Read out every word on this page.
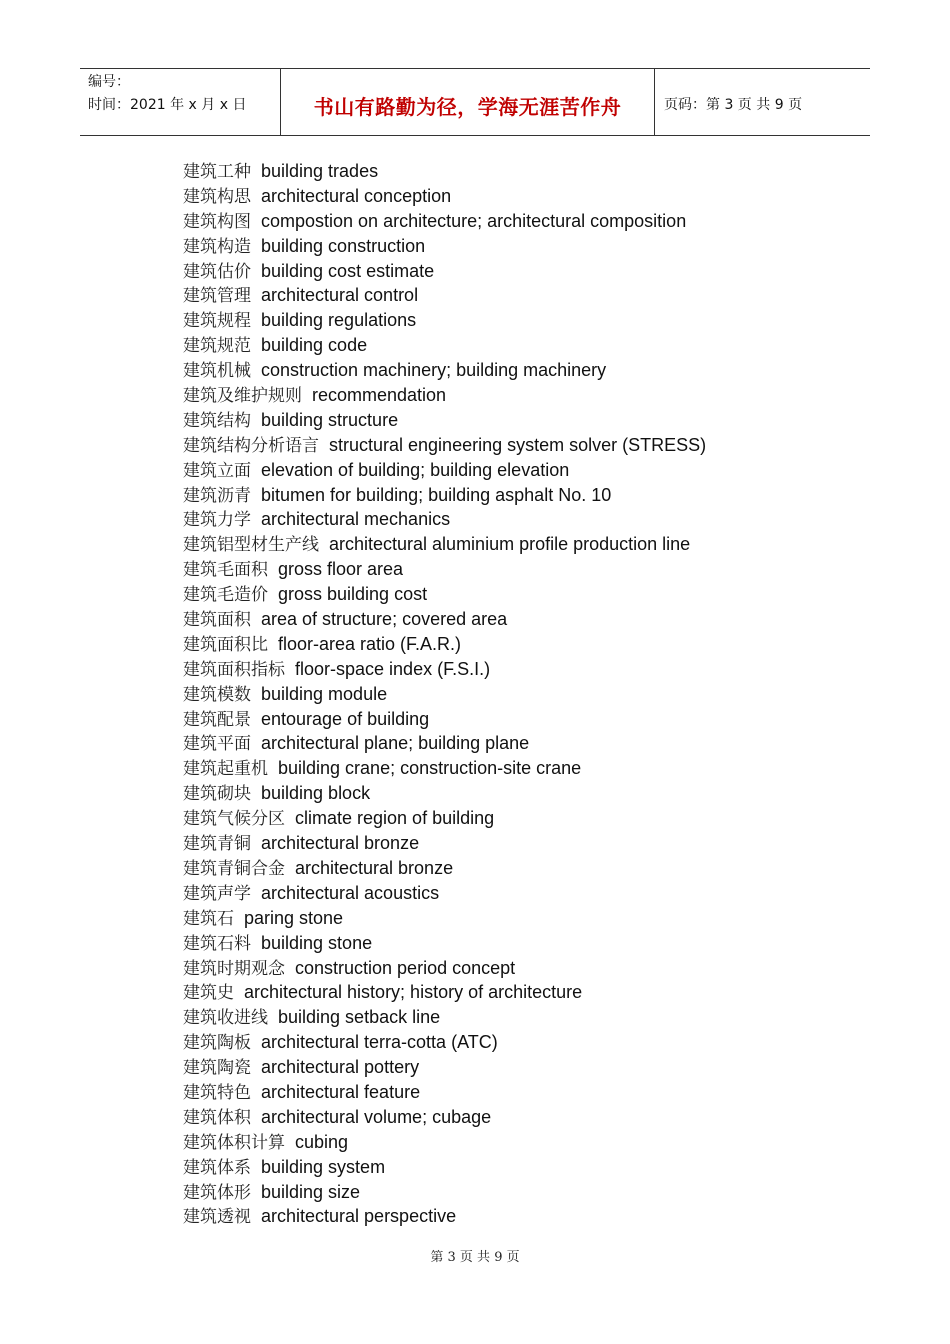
编号：
时间：2021 年 x 月 x 日	书山有路勤为径，学海无涯苦作舟	页码：第 3 页 共 9 页
建筑工种 building trades
建筑构思 architectural conception
建筑构图 compostion on architecture; architectural composition
建筑构造 building construction
建筑估价 building cost estimate
建筑管理 architectural control
建筑规程 building regulations
建筑规范 building code
建筑机械 construction machinery; building machinery
建筑及维护规则 recommendation
建筑结构 building structure
建筑结构分析语言 structural engineering system solver (STRESS)
建筑立面 elevation of building; building elevation
建筑沥青 bitumen for building; building asphalt No. 10
建筑力学 architectural mechanics
建筑铝型材生产线 architectural aluminium profile production line
建筑毛面积 gross floor area
建筑毛造价 gross building cost
建筑面积 area of structure; covered area
建筑面积比 floor-area ratio (F.A.R.)
建筑面积指标 floor-space index (F.S.I.)
建筑模数 building module
建筑配景 entourage of building
建筑平面 architectural plane; building plane
建筑起重机 building crane; construction-site crane
建筑砌块 building block
建筑气候分区 climate region of building
建筑青铜 architectural bronze
建筑青铜合金 architectural bronze
建筑声学 architectural acoustics
建筑石 paring stone
建筑石料 building stone
建筑时期观念 construction period concept
建筑史 architectural history; history of architecture
建筑收进线 building setback line
建筑陶板 architectural terra-cotta (ATC)
建筑陶瓷 architectural pottery
建筑特色 architectural feature
建筑体积 architectural volume; cubage
建筑体积计算 cubing
建筑体系 building system
建筑体形 building size
建筑透视 architectural perspective
第 3 页 共 9 页
